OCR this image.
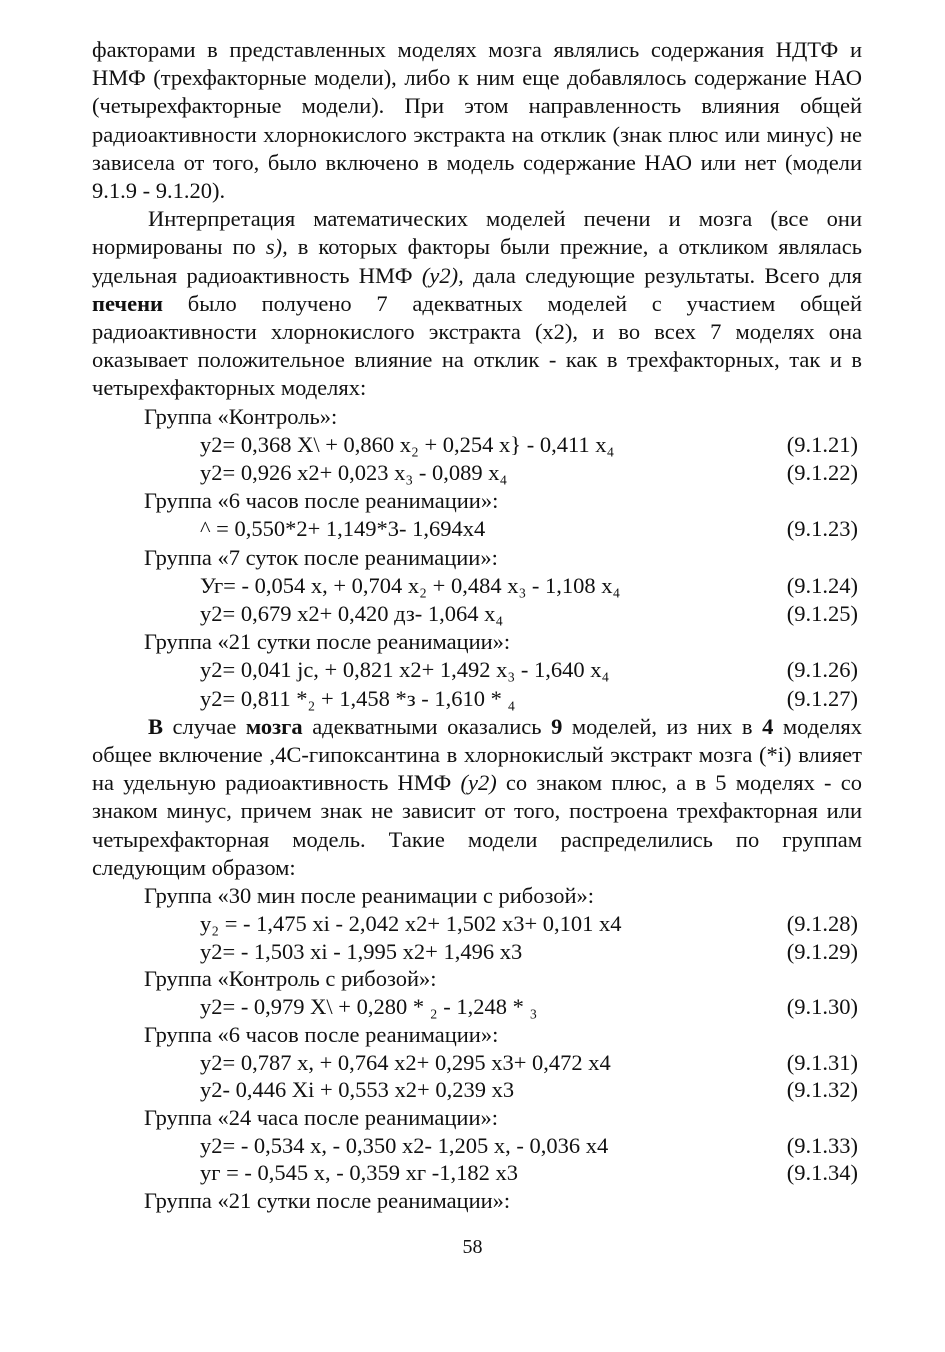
факторами в представленных моделях мозга являлись содержания НДТФ и НМФ (трехфакторные модели), либо к ним еще добавлялось содержание НАО (четырехфакторные модели). При этом направленность влияния общей радиоактивности хлорнокислого экстракта на отклик (знак плюс или минус) не зависела от того, было включено в модель содержание НАО или нет (модели 9.1.9 - 9.1.20).

Интерпретация математических моделей печени и мозга (все они нормированы по s), в которых факторы были прежние, а откликом являлась удельная радиоактивность НМФ (у2), дала следующие результаты. Всего для печени было получено 7 адекватных моделей с участием общей радиоактивности хлорнокислого экстракта (х2), и во всех 7 моделях она оказывает положительное влияние на отклик - как в трехфакторных, так и в четырехфакторных моделях:

Группа «Контроль»:
y2= 0,368 X\ + 0,860 x₂ + 0,254 x} - 0,411 x₄	(9.1.21)
y2= 0,926 x2+ 0,023 x₃ - 0,089 x₄	(9.1.22)
Группа «6 часов после реанимации»:
^ = 0,550*2+ 1,149*3- 1,694x4	(9.1.23)
Группа «7 суток после реанимации»:
Уг= - 0,054 x, + 0,704 x₂ + 0,484 x₃ - 1,108 x₄	(9.1.24)
y2= 0,679 x2+ 0,420 дз- 1,064 x₄	(9.1.25)
Группа «21 сутки после реанимации»:
y2= 0,041 jc, + 0,821 x2+ 1,492 x₃ - 1,640 x₄	(9.1.26)
y2= 0,811 *₂ + 1,458 *з - 1,610 * ₄	(9.1.27)

В случае мозга адекватными оказались 9 моделей, из них в 4 моделях общее включение ,4С-гипоксантина в хлорнокислый экстракт мозга (*і) влияет на удельную радиоактивность НМФ (у2) со знаком плюс, а в 5 моделях - со знаком минус, причем знак не зависит от того, построена трехфакторная или четырехфакторная модель. Такие модели распределились по группам следующим образом:

Группа «30 мин после реанимации с рибозой»:
y₂ = - 1,475 xi - 2,042 x2+ 1,502 x3+ 0,101 x4	(9.1.28)
y2= - 1,503 xi - 1,995 x2+ 1,496 x3	(9.1.29)
Группа «Контроль с рибозой»:
y2= - 0,979 X\ + 0,280 * ₂ - 1,248 * ₃	(9.1.30)
Группа «6 часов после реанимации»:
y2= 0,787 x, + 0,764 x2+ 0,295 x3+ 0,472 x4	(9.1.31)
y2- 0,446 Xi + 0,553 x2+ 0,239 x3	(9.1.32)
Группа «24 часа после реанимации»:
y2= - 0,534 x, - 0,350 x2- 1,205 x, - 0,036 x4	(9.1.33)
yг = - 0,545 x, - 0,359 xг -1,182 x3	(9.1.34)
Группа «21 сутки после реанимации»:
58
